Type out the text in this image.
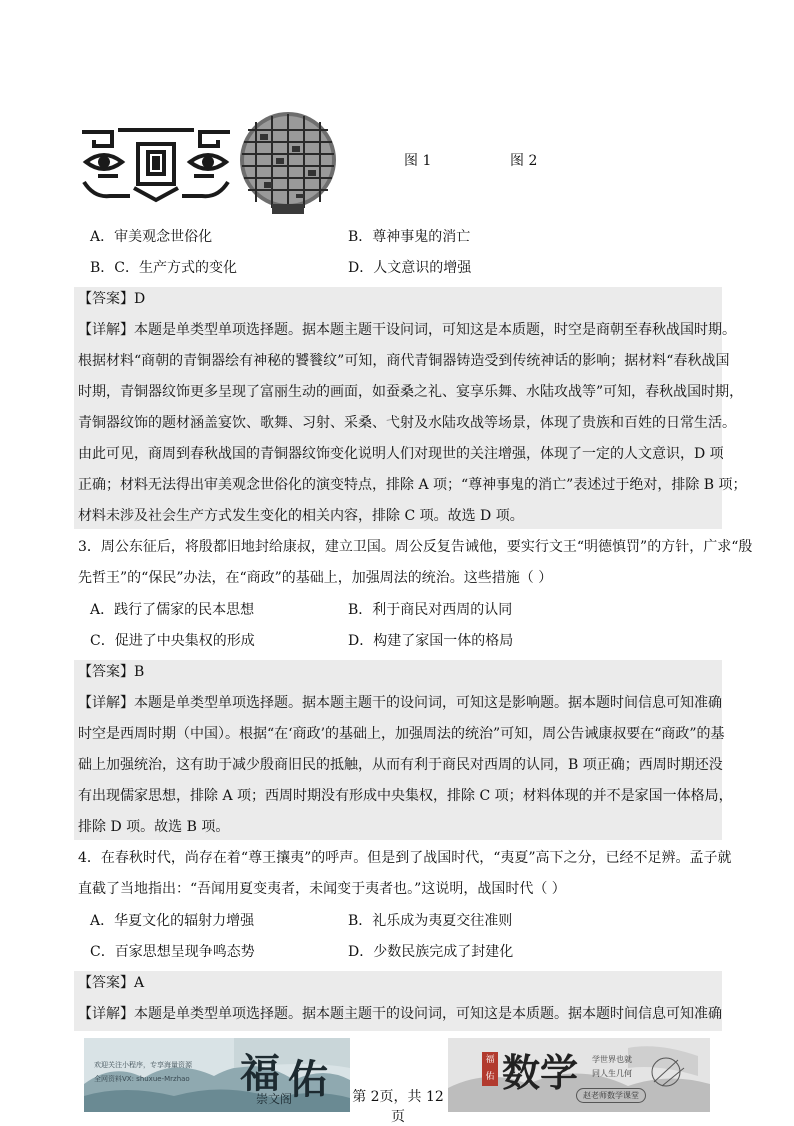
图 1	图 2
A．审美观念世俗化	B．尊神事鬼的消亡
B．C．生产方式的变化	D．人文意识的增强
【答案】D
【详解】本题是单类型单项选择题。据本题主题干设问词，可知这是本质题，时空是商朝至春秋战国时期。
根据材料“商朝的青铜器绘有神秘的饕餮纹”可知，商代青铜器铸造受到传统神话的影响；据材料“春秋战国
时期，青铜器纹饰更多呈现了富丽生动的画面，如蚕桑之礼、宴享乐舞、水陆攻战等”可知，春秋战国时期，
青铜器纹饰的题材涵盖宴饮、歌舞、习射、采桑、弋射及水陆攻战等场景，体现了贵族和百姓的日常生活。
由此可见，商周到春秋战国的青铜器纹饰变化说明人们对现世的关注增强，体现了一定的人文意识，D 项
正确；材料无法得出审美观念世俗化的演变特点，排除 A 项；“尊神事鬼的消亡”表述过于绝对，排除 B 项；
材料未涉及社会生产方式发生变化的相关内容，排除 C 项。故选 D 项。
3．周公东征后，将殷都旧地封给康叔，建立卫国。周公反复告诫他，要实行文王“明德慎罚”的方针，广求“殷
先哲王”的“保民”办法，在“商政”的基础上，加强周法的统治。这些措施（ ）
A．践行了儒家的民本思想	B．利于商民对西周的认同
C．促进了中央集权的形成	D．构建了家国一体的格局
【答案】B
【详解】本题是单类型单项选择题。据本题主题干的设问词，可知这是影响题。据本题时间信息可知准确
时空是西周时期（中国）。根据“在‘商政’的基础上，加强周法的统治”可知，周公告诫康叔要在“商政”的基
础上加强统治，这有助于减少殷商旧民的抵触，从而有利于商民对西周的认同，B 项正确；西周时期还没
有出现儒家思想，排除 A 项；西周时期没有形成中央集权，排除 C 项；材料体现的并不是家国一体格局，
排除 D 项。故选 B 项。
4．在春秋时代，尚存在着“尊王攘夷”的呼声。但是到了战国时代，“夷夏”高下之分，已经不足辨。孟子就
直截了当地指出：“吾闻用夏变夷者，未闻变于夷者也。”这说明，战国时代（ ）
A．华夏文化的辐射力增强	B．礼乐成为夷夏交往准则
C．百家思想呈现争鸣态势	D．少数民族完成了封建化
【答案】A
【详解】本题是单类型单项选择题。据本题主题干的设问词，可知这是本质题。据本题时间信息可知准确
欢迎关注小程序，专享海量资源
全网资料VX: shuxue-Mrzhao 福 佑
崇文阁	第 2页，共 12页
福佑 数学 学世界也就
同人生几何
赵老师数学课堂
